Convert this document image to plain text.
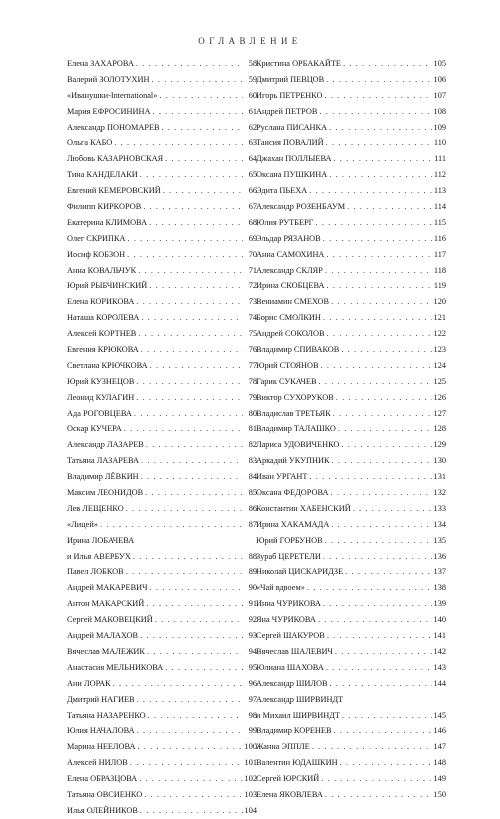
ОГЛАВЛЕНИЕ
Елена ЗАХАРОВА . . .	58
Валерий ЗОЛОТУХИН . . .	59
«Иванушки-International» . . .	60
Мария ЕФРОСИНИНА . . .	61
Александр ПОНОМАРЕВ . . .	62
Ольга КАБО . . .	63
Любовь КАЗАРНОВСКАЯ . . .	64
Тина КАНДЕЛАКИ . . .	65
Евгений КЕМЕРОВСКИЙ . . .	66
Филипп КИРКОРОВ . . .	67
Екатерина КЛИМОВА . . .	68
Олег СКРИПКА . . .	69
Иосиф КОБЗОН . . .	70
Анна КОВАЛЬЧУК . . .	71
Юрий РЫБЧИНСКИЙ . . .	72
Елена КОРИКОВА . . .	73
Наташа КОРОЛЕВА . . .	74
Алексей КОРТНЕВ . . .	75
Евгения КРЮКОВА . . .	76
Светлана КРЮЧКОВА . . .	77
Юрий КУЗНЕЦОВ . . .	78
Леонид КУЛАГИН . . .	79
Ада РОГОВЦЕВА . . .	80
Оскар КУЧЕРА . . .	81
Александр ЛАЗАРЕВ . . .	82
Татьяна ЛАЗАРЕВА . . .	83
Владимир ЛЁВКИН . . .	84
Максим ЛЕОНИДОВ . . .	85
Лев ЛЕЩЕНКО . . .	86
«Лицей» . . .	87
Ирина ЛОБАЧЕВА
и Илья АВЕРБУХ . . .	88
Павел ЛОБКОВ . . .	89
Андрей МАКАРЕВИЧ . . .	90
Антон МАКАРСКИЙ . . .	91
Сергей МАКОВЕЦКИЙ . . .	92
Андрей МАЛАХОВ . . .	93
Вячеслав МАЛЕЖИК . . .	94
Анастасия МЕЛЬНИКОВА . . .	95
Ани ЛОРАК . . .	96
Дмитрий НАГИЕВ . . .	97
Татьяна НАЗАРЕНКО . . .	98
Юлия НАЧАЛОВА . . .	99
Марина НЕЕЛОВА . . .	100
Алексей НИЛОВ . . .	101
Елена ОБРАЗЦОВА . . .	102
Татьяна ОВСИЕНКО . . .	103
Илья ОЛЕЙНИКОВ . . .	104
Кристина ОРБАКАЙТЕ . . .	105
Дмитрий ПЕВЦОВ . . .	106
Игорь ПЕТРЕНКО . . .	107
Андрей ПЕТРОВ . . .	108
Руслана ПИСАНКА . . .	109
Таисия ПОВАЛИЙ . . .	110
Джахан ПОЛЛЫЕВА . . .	111
Оксана ПУШКИНА . . .	112
Эдита ПЬЕХА . . .	113
Александр РОЗЕНБАУМ . . .	114
Юлия РУТБЕРГ . . .	115
Эльдар РЯЗАНОВ . . .	116
Анна САМОХИНА . . .	117
Александр СКЛЯР . . .	118
Ирина СКОБЦЕВА . . .	119
Вениамин СМЕХОВ . . .	120
Борис СМОЛКИН . . .	121
Андрей СОКОЛОВ . . .	122
Владимир СПИВАКОВ . . .	123
Юрий СТОЯНОВ . . .	124
Гарик СУКАЧЕВ . . .	125
Виктор СУХОРУКОВ . . .	126
Владислав ТРЕТЬЯК . . .	127
Владимир ТАЛАШКО . . .	128
Лариса УДОВИЧЕНКО . . .	129
Аркадий УКУПНИК . . .	130
Иван УРГАНТ . . .	131
Оксана ФЕДОРОВА . . .	132
Константин ХАБЕНСКИЙ . . .	133
Ирина ХАКАМАДА . . .	134
Юрий ГОРБУНОВ . . .	135
Зураб ЦЕРЕТЕЛИ . . .	136
Николай ЦИСКАРИДЗЕ . . .	137
«Чай вдвоем» . . .	138
Инна ЧУРИКОВА . . .	139
Яна ЧУРИКОВА . . .	140
Сергей ШАКУРОВ . . .	141
Вячеслав ШАЛЕВИЧ . . .	142
Юлиана ШАХОВА . . .	143
Александр ШИЛОВ . . .	144
Александр ШИРВИНДТ
и Михаил ШИРВИНДТ . . .	145
Владимир КОРЕНЕВ . . .	146
Жанна ЭППЛЕ . . .	147
Валентин ЮДАШКИН . . .	148
Сергей ЮРСКИЙ . . .	149
Елена ЯКОВЛЕВА . . .	150
